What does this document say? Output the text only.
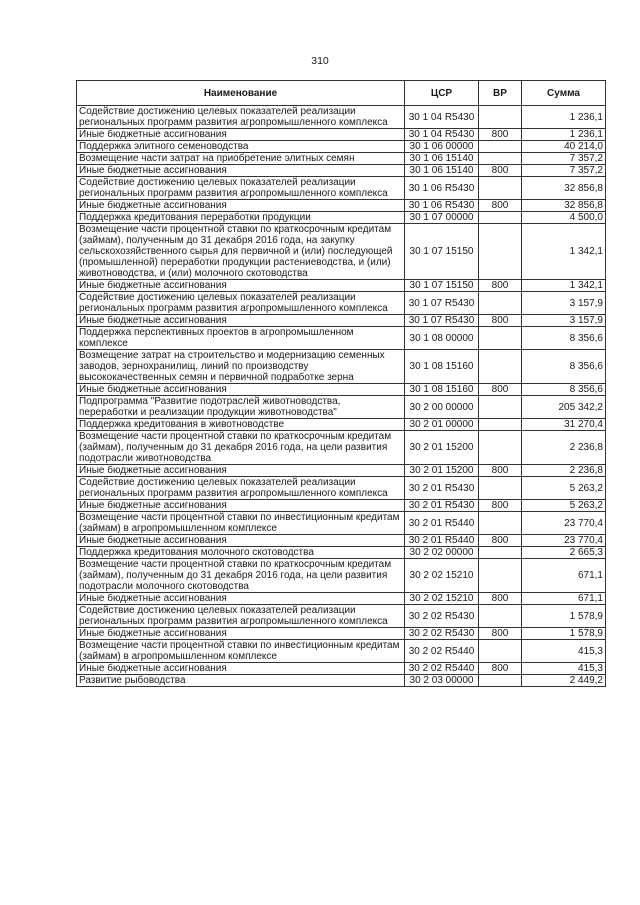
310
Наименование	ЦСР	ВР	Сумма
Содействие достижению целевых показателей реализации региональных программ развития агропромышленного комплекса	30 1 04 R5430		1 236,1
Иные бюджетные ассигнования	30 1 04 R5430	800	1 236,1
Поддержка элитного семеноводства	30 1 06 00000		40 214,0
Возмещение части затрат на приобретение элитных семян	30 1 06 15140		7 357,2
Иные бюджетные ассигнования	30 1 06 15140	800	7 357,2
Содействие достижению целевых показателей реализации региональных программ развития агропромышленного комплекса	30 1 06 R5430		32 856,8
Иные бюджетные ассигнования	30 1 06 R5430	800	32 856,8
Поддержка кредитования переработки продукции	30 1 07 00000		4 500,0
Возмещение части процентной ставки по краткосрочным кредитам (займам), полученным до 31 декабря 2016 года, на закупку сельскохозяйственного сырья для первичной и (или) последующей (промышленной) переработки продукции растениеводства, и (или) животноводства, и (или) молочного скотоводства	30 1 07 15150		1 342,1
Иные бюджетные ассигнования	30 1 07 15150	800	1 342,1
Содействие достижению целевых показателей реализации региональных программ развития агропромышленного комплекса	30 1 07 R5430		3 157,9
Иные бюджетные ассигнования	30 1 07 R5430	800	3 157,9
Поддержка перспективных проектов в агропромышленном комплексе	30 1 08 00000		8 356,6
Возмещение затрат на строительство и модернизацию семенных заводов, зернохранилищ, линий по производству высококачественных семян и первичной подработке зерна	30 1 08 15160		8 356,6
Иные бюджетные ассигнования	30 1 08 15160	800	8 356,6
Подпрограмма "Развитие подотраслей животноводства, переработки и реализации продукции животноводства"	30 2 00 00000		205 342,2
Поддержка кредитования в животноводстве	30 2 01 00000		31 270,4
Возмещение части процентной ставки по краткосрочным кредитам (займам), полученным до 31 декабря 2016 года, на цели развития подотрасли животноводства	30 2 01 15200		2 236,8
Иные бюджетные ассигнования	30 2 01 15200	800	2 236,8
Содействие достижению целевых показателей реализации региональных программ развития агропромышленного комплекса	30 2 01 R5430		5 263,2
Иные бюджетные ассигнования	30 2 01 R5430	800	5 263,2
Возмещение части процентной ставки по инвестиционным кредитам (займам) в агропромышленном комплексе	30 2 01 R5440		23 770,4
Иные бюджетные ассигнования	30 2 01 R5440	800	23 770,4
Поддержка кредитования молочного скотоводства	30 2 02 00000		2 665,3
Возмещение части процентной ставки по краткосрочным кредитам (займам), полученным до 31 декабря 2016 года, на цели развития подотрасли молочного скотоводства	30 2 02 15210		671,1
Иные бюджетные ассигнования	30 2 02 15210	800	671,1
Содействие достижению целевых показателей реализации региональных программ развития агропромышленного комплекса	30 2 02 R5430		1 578,9
Иные бюджетные ассигнования	30 2 02 R5430	800	1 578,9
Возмещение части процентной ставки по инвестиционным кредитам (займам) в агропромышленном комплексе	30 2 02 R5440		415,3
Иные бюджетные ассигнования	30 2 02 R5440	800	415,3
Развитие рыбоводства	30 2 03 00000		2 449,2
